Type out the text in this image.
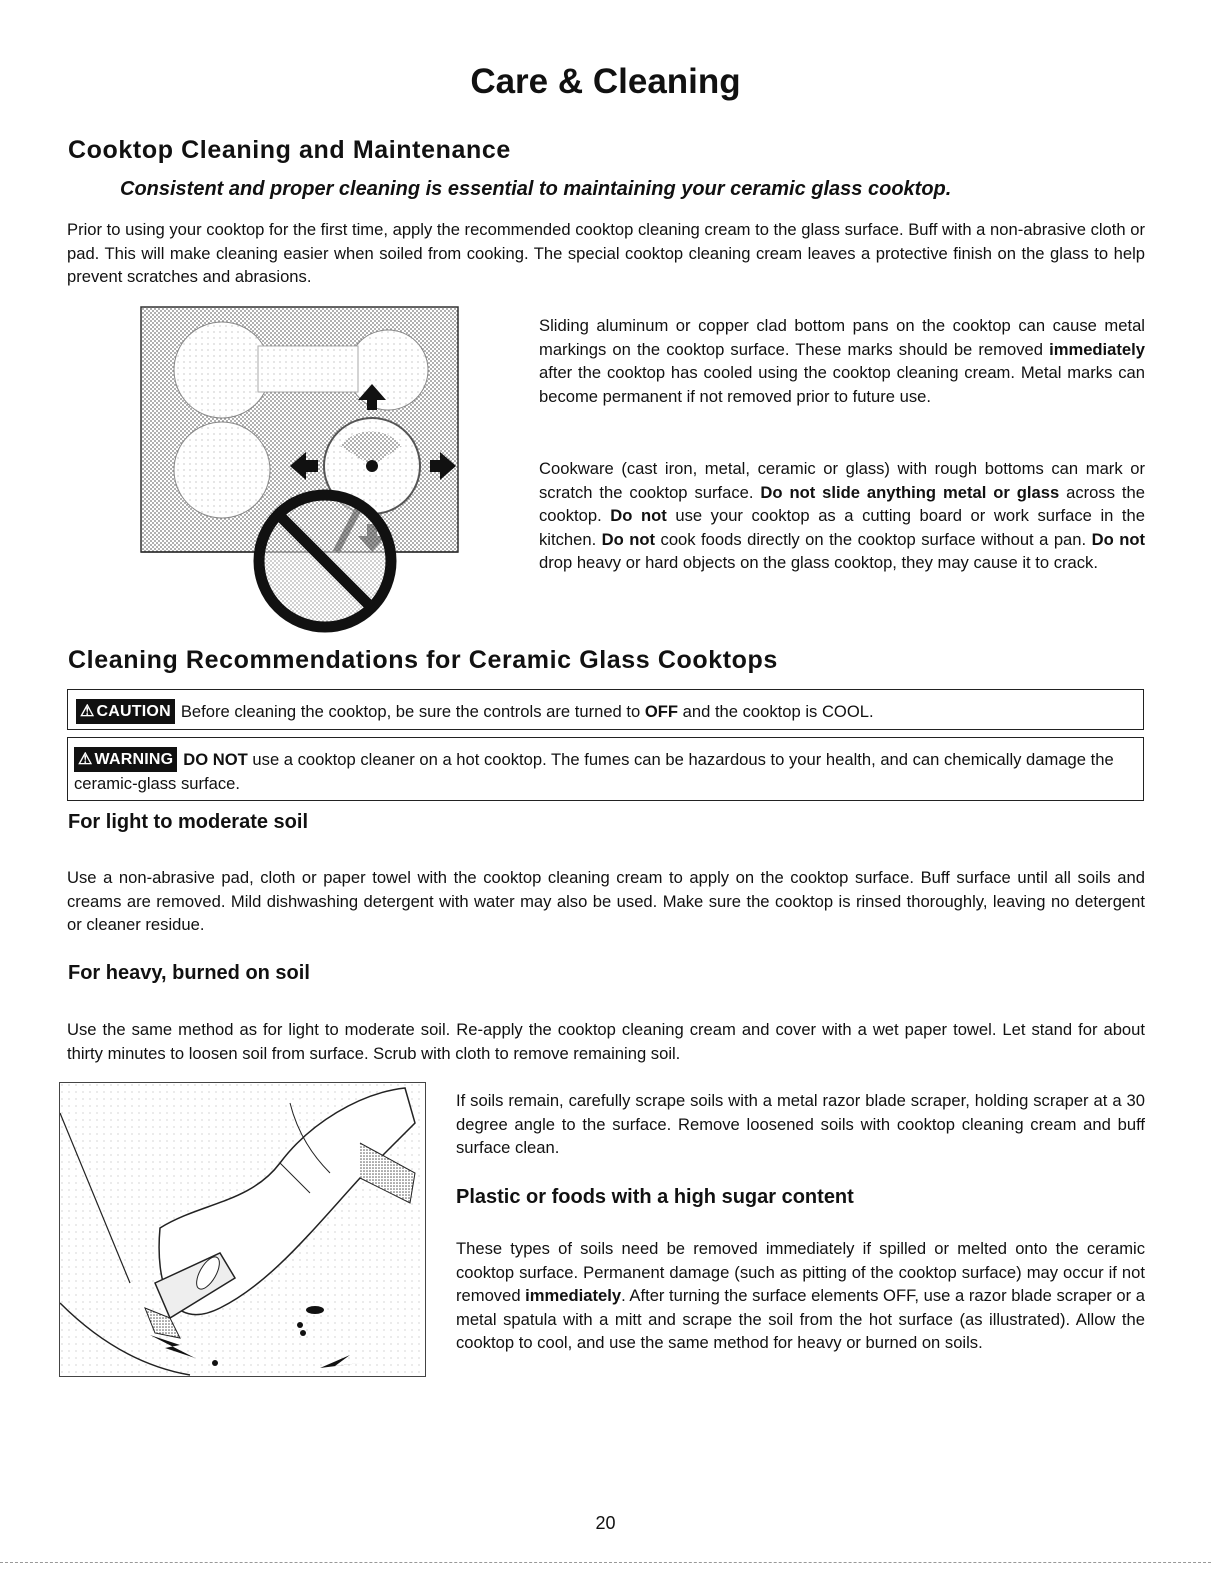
Care & Cleaning
Cooktop Cleaning and Maintenance
Consistent and proper cleaning is essential to maintaining your ceramic glass cooktop.
Prior to using your cooktop for the first time, apply the recommended cooktop cleaning cream to the glass surface. Buff with a non-abrasive cloth or pad. This will make cleaning easier when soiled from cooking. The special cooktop cleaning cream leaves a protective finish on the glass to help prevent scratches and abrasions.
Sliding aluminum or copper clad bottom pans on the cooktop can cause metal markings on the cooktop surface. These marks should be removed immediately after the cooktop has cooled using the cooktop cleaning cream. Metal marks can become permanent if not removed prior to future use.
Cookware (cast iron, metal, ceramic or glass) with rough bottoms can mark or scratch the cooktop surface. Do not slide anything metal or glass across the cooktop. Do not use your cooktop as a cutting board or work surface in the kitchen. Do not cook foods directly on the cooktop surface without a pan. Do not drop heavy or hard objects on the glass cooktop, they may cause it to crack.
Cleaning Recommendations for Ceramic Glass Cooktops
⚠ CAUTION Before cleaning the cooktop, be sure the controls are turned to OFF and the cooktop is COOL.
⚠ WARNING DO NOT use a cooktop cleaner on a hot cooktop. The fumes can be hazardous to your health, and can chemically damage the ceramic-glass surface.
For light to moderate soil
Use a non-abrasive pad, cloth or paper towel with the cooktop cleaning cream to apply on the cooktop surface. Buff surface until all soils and creams are removed. Mild dishwashing detergent with water may also be used. Make sure the cooktop is rinsed thoroughly, leaving no detergent or cleaner residue.
For heavy, burned on soil
Use the same method as for light to moderate soil. Re-apply the cooktop cleaning cream and cover with a wet paper towel. Let stand for about thirty minutes to loosen soil from surface. Scrub with cloth to remove remaining soil.
If soils remain, carefully scrape soils with a metal razor blade scraper, holding scraper at a 30 degree angle to the surface. Remove loosened soils with cooktop cleaning cream and buff surface clean.
Plastic or foods with a high sugar content
These types of soils need be removed immediately if spilled or melted onto the ceramic cooktop surface. Permanent damage (such as pitting of the cooktop surface) may occur if not removed immediately. After turning the surface elements OFF, use a razor blade scraper or a metal spatula with a mitt and scrape the soil from the hot surface (as illustrated). Allow the cooktop to cool, and use the same method for heavy or burned on soils.
20
